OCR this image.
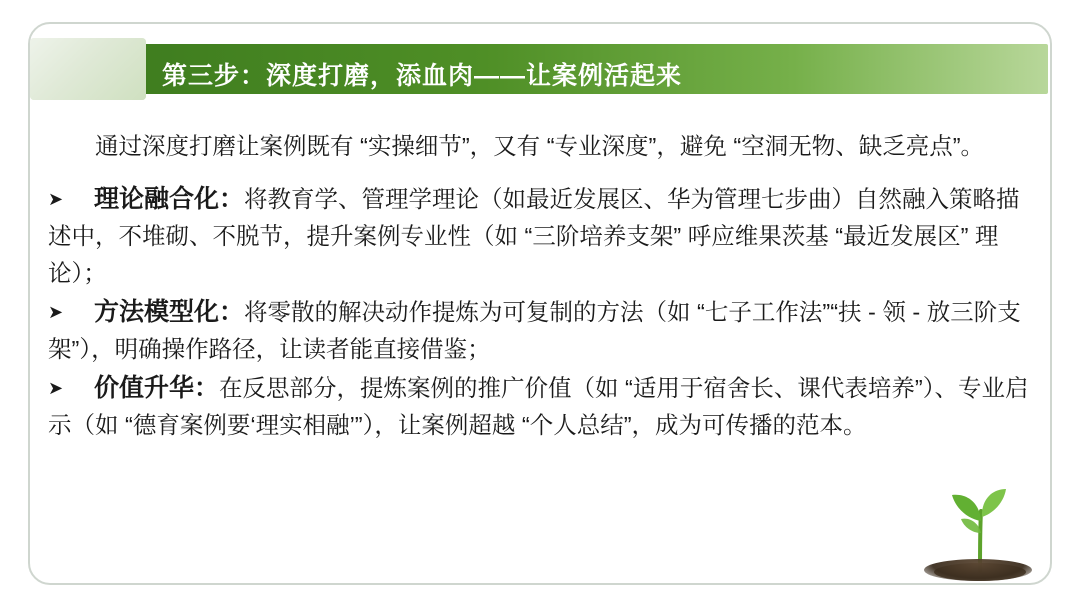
第三步：深度打磨，添血肉——让案例活起来

通过深度打磨让案例既有 “实操细节”，又有 “专业深度”，避免 “空洞无物、缺乏亮点”。

➤ 理论融合化：将教育学、管理学理论（如最近发展区、华为管理七步曲）自然融入策略描述中，不堆砌、不脱节，提升案例专业性（如 “三阶培养支架” 呼应维果茨基 “最近发展区” 理论）；

➤ 方法模型化：将零散的解决动作提炼为可复制的方法（如 “七子工作法”“扶 - 领 - 放三阶支架”），明确操作路径，让读者能直接借鉴；

➤ 价值升华：在反思部分，提炼案例的推广价值（如 “适用于宿舍长、课代表培养”）、专业启示（如 “德育案例要‘理实相融’”），让案例超越 “个人总结”，成为可传播的范本。
